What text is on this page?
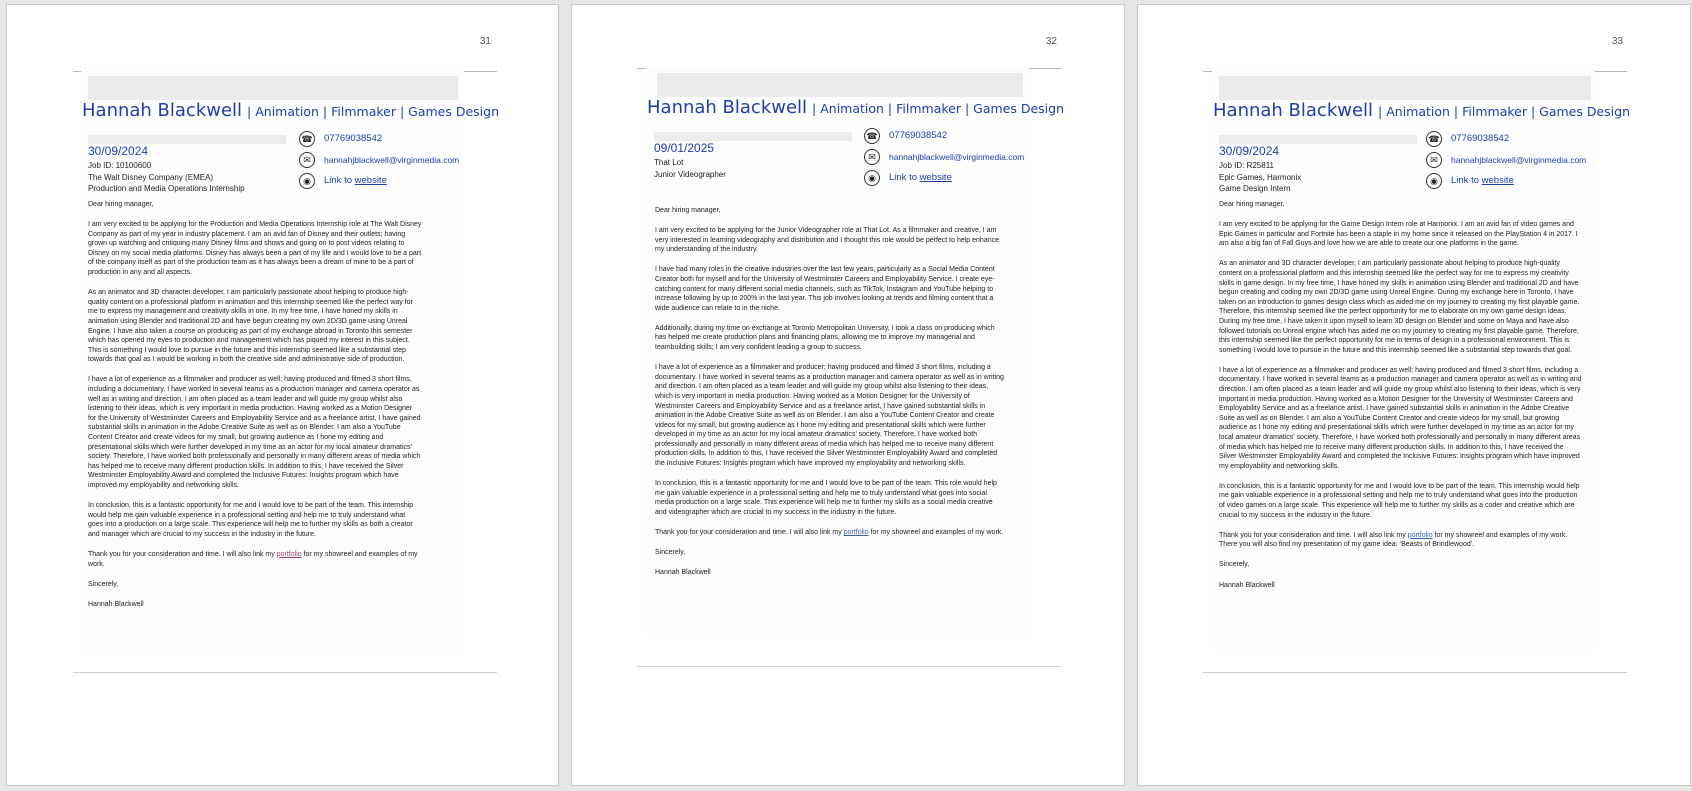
31
Hannah Blackwell | Animation | Filmmaker | Games Design
30/09/2024
Job ID: 10100600
The Walt Disney Company (EMEA)
Production and Media Operations Internship
☎ 07769038542
✉	hannahjblackwell@virginmedia.com
◉	Link to website

Dear hiring manager,

I am very excited to be applying for the Production and Media Operations Internship role at The Walt Disney Company as part of my year in industry placement. I am an avid fan of Disney and their outlets; having grown up watching and critiquing many Disney films and shows and going on to post videos relating to Disney on my social media platforms. Disney has always been a part of my life and I would love to be a part of the company itself as part of the production team as it has always been a dream of mine to be a part of production in any and all aspects.

As an animator and 3D character developer, I am particularly passionate about helping to produce high-quality content on a professional platform in animation and this internship seemed like the perfect way for me to express my management and creativity skills in one. In my free time, I have honed my skills in animation using Blender and traditional 2D and have begun creating my own 2D/3D game using Unreal Engine. I have also taken a course on producing as part of my exchange abroad in Toronto this semester which has opened my eyes to production and management which has piqued my interest in this subject. This is something I would love to pursue in the future and this internship seemed like a substantial step towards that goal as I would be working in both the creative side and administrative side of production.

I have a lot of experience as a filmmaker and producer as well; having produced and filmed 3 short films, including a documentary. I have worked in several teams as a production manager and camera operator as well as in writing and direction. I am often placed as a team leader and will guide my group whilst also listening to their ideas, which is very important in media production. Having worked as a Motion Designer for the University of Westminster Careers and Employability Service and as a freelance artist, I have gained substantial skills in animation in the Adobe Creative Suite as well as on Blender. I am also a YouTube Content Creator and create videos for my small, but growing audience as I hone my editing and presentational skills which were further developed in my time as an actor for my local amateur dramatics’ society. Therefore, I have worked both professionally and personally in many different areas of media which has helped me to receive many different production skills. In addition to this, I have received the Silver Westminster Employability Award and completed the Inclusive Futures: Insights program which have improved my employability and networking skills.

In conclusion, this is a fantastic opportunity for me and I would love to be part of the team. This internship would help me gain valuable experience in a professional setting and help me to truly understand what goes into a production on a large scale. This experience will help me to further my skills as both a creator and manager which are crucial to my success in the industry in the future.

Thank you for your consideration and time. I will also link my portfolio for my showreel and examples of my work.

Sincerely,

Hannah Blackwell

32
Hannah Blackwell | Animation | Filmmaker | Games Design
09/01/2025
That Lot
Junior Videographer
☎ 07769038542
✉	hannahjblackwell@virginmedia.com
◉	Link to website

Dear hiring manager,

I am very excited to be applying for the Junior Videographer role at That Lot. As a filmmaker and creative, I am very interested in learning videography and distribution and I thought this role would be perfect to help enhance my understanding of the industry.

I have had many roles in the creative industries over the last few years, particularly as a Social Media Content Creator both for myself and for the University of Westminster Careers and Employability Service. I create eye-catching content for many different social media channels, such as TikTok, Instagram and YouTube helping to increase following by up to 200% in the last year. This job involves looking at trends and filming content that a wide audience can relate to in the niche.

Additionally, during my time on exchange at Toronto Metropolitan University, I took a class on producing which has helped me create production plans and financing plans, allowing me to improve my managerial and teambuilding skills; I am very confident leading a group to success.

I have a lot of experience as a filmmaker and producer; having produced and filmed 3 short films, including a documentary. I have worked in several teams as a production manager and camera operator as well as in writing and direction. I am often placed as a team leader and will guide my group whilst also listening to their ideas, which is very important in media production. Having worked as a Motion Designer for the University of Westminster Careers and Employability Service and as a freelance artist, I have gained substantial skills in animation in the Adobe Creative Suite as well as on Blender. I am also a YouTube Content Creator and create videos for my small, but growing audience as I hone my editing and presentational skills which were further developed in my time as an actor for my local amateur dramatics’ society. Therefore, I have worked both professionally and personally in many different areas of media which has helped me to receive many different production skills. In addition to this, I have received the Silver Westminster Employability Award and completed the Inclusive Futures: Insights program which have improved my employability and networking skills.

In conclusion, this is a fantastic opportunity for me and I would love to be part of the team. This role would help me gain valuable experience in a professional setting and help me to truly understand what goes into social media production on a large scale. This experience will help me to further my skills as a social media creative and videographer which are crucial to my success in the industry in the future.

Thank you for your consideration and time. I will also link my portfolio for my showreel and examples of my work.

Sincerely,

Hannah Blackwell

33
Hannah Blackwell | Animation | Filmmaker | Games Design
30/09/2024
Job ID: R25811
Epic Games, Harmonix
Game Design Intern
☎ 07769038542
✉	hannahjblackwell@virginmedia.com
◉	Link to website

Dear hiring manager,

I am very excited to be applying for the Game Design Intern role at Harmonix. I am an avid fan of video games and Epic Games in particular and Fortnite has been a staple in my home since it released on the PlayStation 4 in 2017. I am also a big fan of Fall Guys and love how we are able to create our one platforms in the game.

As an animator and 3D character developer, I am particularly passionate about helping to produce high-quality content on a professional platform and this internship seemed like the perfect way for me to express my creativity skills in game design. In my free time, I have honed my skills in animation using Blender and traditional 2D and have begun creating and coding my own 2D/3D game using Unreal Engine. During my exchange here in Toronto, I have taken on an introduction to games design class which as aided me on my journey to creating my first playable game. Therefore, this internship seemed like the perfect opportunity for me to elaborate on my own game design ideas. During my free time, I have taken it upon myself to learn 3D design on Blender and some on Maya and have also followed tutorials on Unreal engine which has aided me on my journey to creating my first playable game. Therefore, this internship seemed like the perfect opportunity for me in terms of design in a professional environment. This is something I would love to pursue in the future and this internship seemed like a substantial step towards that goal.

I have a lot of experience as a filmmaker and producer as well; having produced and filmed 3 short films, including a documentary. I have worked in several teams as a production manager and camera operator as well as in writing and direction. I am often placed as a team leader and will guide my group whilst also listening to their ideas, which is very important in media production. Having worked as a Motion Designer for the University of Westminster Careers and Employability Service and as a freelance artist, I have gained substantial skills in animation in the Adobe Creative Suite as well as on Blender. I am also a YouTube Content Creator and create videos for my small, but growing audience as I hone my editing and presentational skills which were further developed in my time as an actor for my local amateur dramatics’ society. Therefore, I have worked both professionally and personally in many different areas of media which has helped me to receive many different production skills. In addition to this, I have received the Silver Westminster Employability Award and completed the Inclusive Futures: Insights program which have improved my employability and networking skills.

In conclusion, this is a fantastic opportunity for me and I would love to be part of the team. This internship would help me gain valuable experience in a professional setting and help me to truly understand what goes into the production of video games on a large scale. This experience will help me to further my skills as a coder and creative which are crucial to my success in the industry in the future.

Thank you for your consideration and time. I will also link my portfolio for my showreel and examples of my work. There you will also find my presentation of my game idea: ‘Beasts of Brindlewood’.

Sincerely,

Hannah Blackwell
